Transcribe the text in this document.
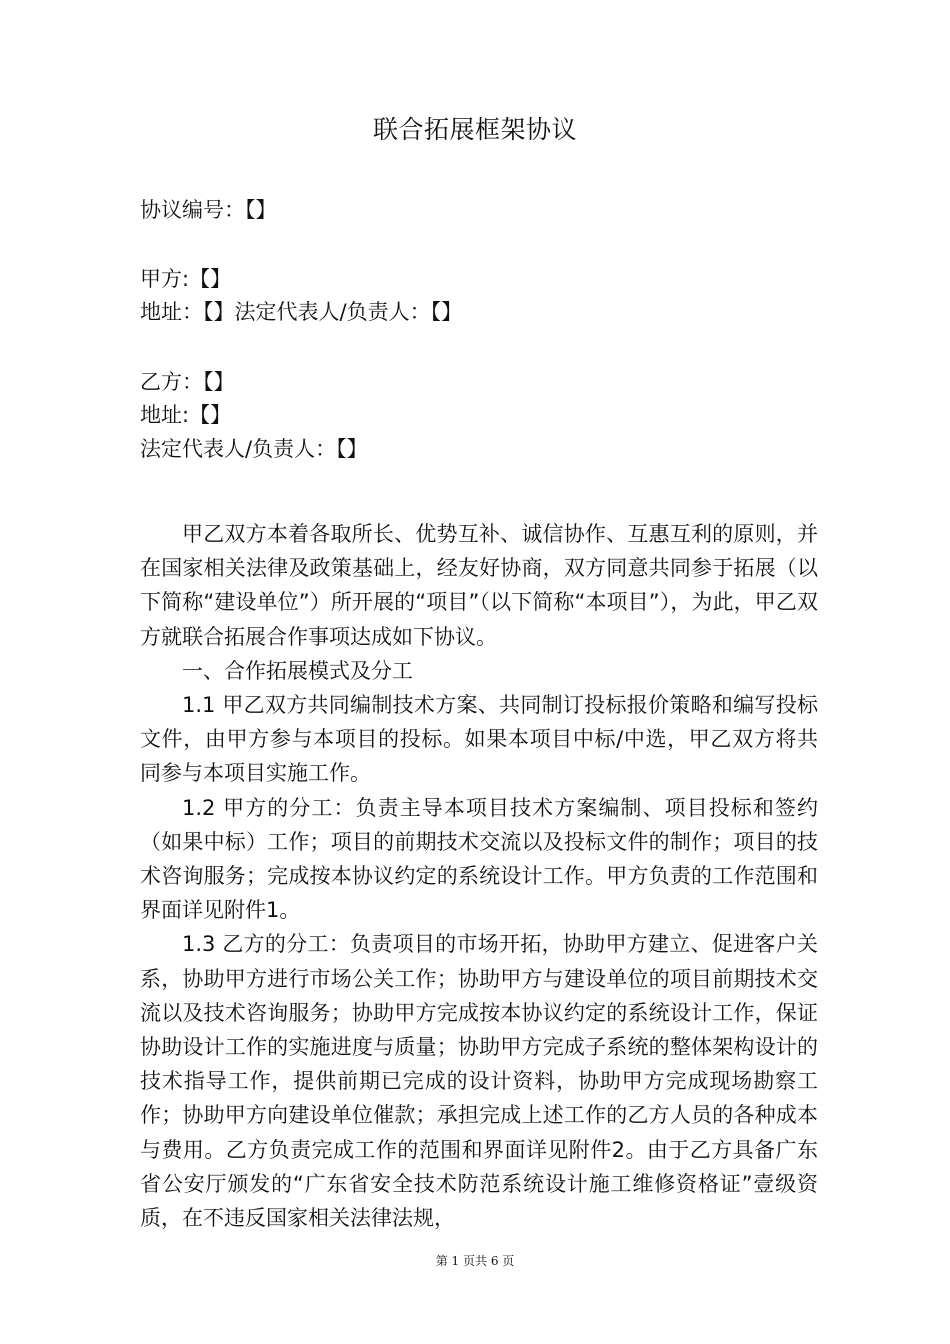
联合拓展框架协议
协议编号：【】
甲方:【】
地址：【】法定代表人/负责人：【】
乙方：【】
地址:【】
法定代表人/负责人：【】

甲乙双方本着各取所长、优势互补、诚信协作、互惠互利的原则，并在国家相关法律及政策基础上，经友好协商，双方同意共同参于拓展（以下简称“建设单位”）所开展的“项目”（以下简称“本项目”），为此，甲乙双方就联合拓展合作事项达成如下协议。

一、合作拓展模式及分工

1.1 甲乙双方共同编制技术方案、共同制订投标报价策略和编写投标文件，由甲方参与本项目的投标。如果本项目中标/中选，甲乙双方将共同参与本项目实施工作。

1.2 甲方的分工：负责主导本项目技术方案编制、项目投标和签约（如果中标）工作；项目的前期技术交流以及投标文件的制作；项目的技术咨询服务；完成按本协议约定的系统设计工作。甲方负责的工作范围和界面详见附件1。

1.3 乙方的分工：负责项目的市场开拓，协助甲方建立、促进客户关系，协助甲方进行市场公关工作；协助甲方与建设单位的项目前期技术交流以及技术咨询服务；协助甲方完成按本协议约定的系统设计工作，保证协助设计工作的实施进度与质量；协助甲方完成子系统的整体架构设计的技术指导工作，提供前期已完成的设计资料，协助甲方完成现场勘察工作；协助甲方向建设单位催款；承担完成上述工作的乙方人员的各种成本与费用。乙方负责完成工作的范围和界面详见附件2。由于乙方具备广东省公安厅颁发的“广东省安全技术防范系统设计施工维修资格证”壹级资质，在不违反国家相关法律法规，

第 1 页共 6 页
